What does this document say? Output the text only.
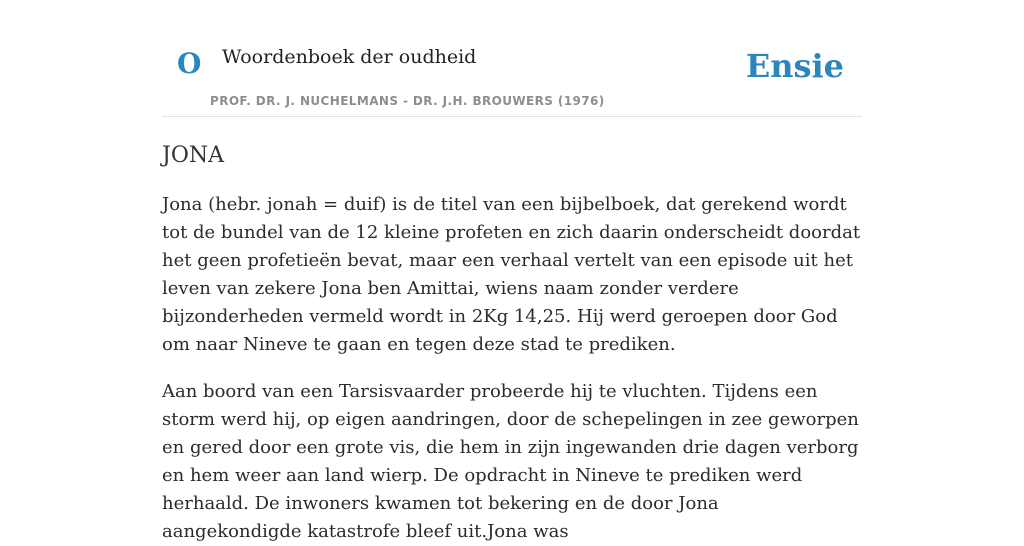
O Woordenboek der oudheid
PROF. DR. J. NUCHELMANS - DR. J.H. BROUWERS (1976)
Ensie
JONA

Jona (hebr. jonah = duif) is de titel van een bijbelboek, dat gerekend wordt tot de bundel van de 12 kleine profeten en zich daarin onderscheidt doordat het geen profetieën bevat, maar een verhaal vertelt van een episode uit het leven van zekere Jona ben Amittai, wiens naam zonder verdere bijzonderheden vermeld wordt in 2Kg 14,25. Hij werd geroepen door God om naar Nineve te gaan en tegen deze stad te prediken.

Aan boord van een Tarsisvaarder probeerde hij te vluchten. Tijdens een storm werd hij, op eigen aandringen, door de schepelingen in zee geworpen en gered door een grote vis, die hem in zijn ingewanden drie dagen verborg en hem weer aan land wierp. De opdracht in Nineve te prediken werd herhaald. De inwoners kwamen tot bekering en de door Jona aangekondigde katastrofe bleef uit.Jona was
